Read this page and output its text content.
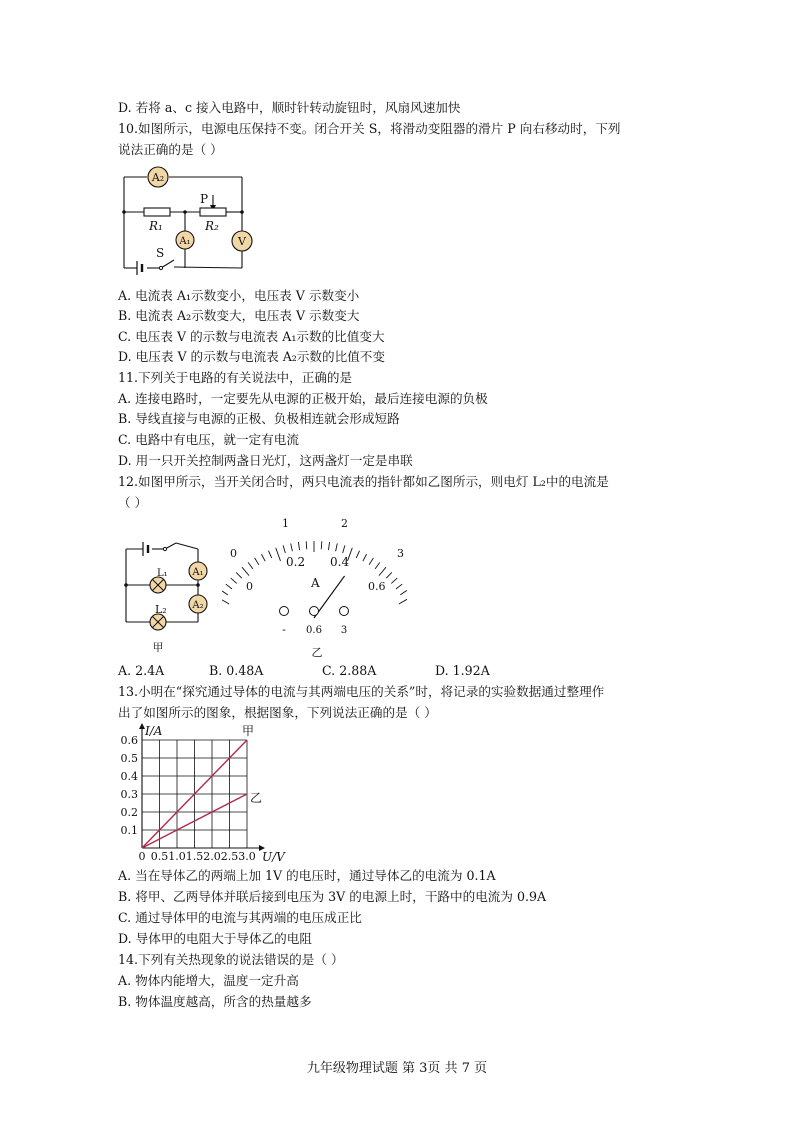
D. 若将 a、c 接入电路中，顺时针转动旋钮时，风扇风速加快
10.如图所示，电源电压保持不变。闭合开关 S，将滑动变阻器的滑片 P 向右移动时，下列
说法正确的是（ ）
A₂
A₁	V
P
R₁	R₂
S
A. 电流表 A₁示数变小，电压表 V 示数变小
B. 电流表 A₂示数变大，电压表 V 示数变大
C. 电压表 V 的示数与电流表 A₁示数的比值变大
D. 电压表 V 的示数与电流表 A₂示数的比值不变
11.下列关于电路的有关说法中，正确的是
A. 连接电路时，一定要先从电源的正极开始，最后连接电源的负极
B. 导线直接与电源的正极、负极相连就会形成短路
C. 电路中有电压，就一定有电流
D. 用一只开关控制两盏日光灯，这两盏灯一定是串联
12.如图甲所示，当开关闭合时，两只电流表的指针都如乙图所示，则电灯 L₂中的电流是
（ ）
A₁
A₂
L₁
L₂
甲
0
1	2
3
0
0.2 0.4
0.6
A
- 0.6 3
乙
A. 2.4A	B. 0.48A	C. 2.88A	D. 1.92A
13.小明在“探究通过导体的电流与其两端电压的关系”时，将记录的实验数据通过整理作
出了如图所示的图象，根据图象，下列说法正确的是（ ）
0 0.5 1.0 1.5 2.0 2.5 3.0
0.1
0.2
0.3
0.4
0.5
0.6
I/A
U/V
甲
乙
A. 当在导体乙的两端上加 1V 的电压时，通过导体乙的电流为 0.1A
B. 将甲、乙两导体并联后接到电压为 3V 的电源上时，干路中的电流为 0.9A
C. 通过导体甲的电流与其两端的电压成正比
D. 导体甲的电阻大于导体乙的电阻
14.下列有关热现象的说法错误的是（ ）
A. 物体内能增大，温度一定升高
B. 物体温度越高，所含的热量越多
九年级物理试题 第 3页 共 7 页
